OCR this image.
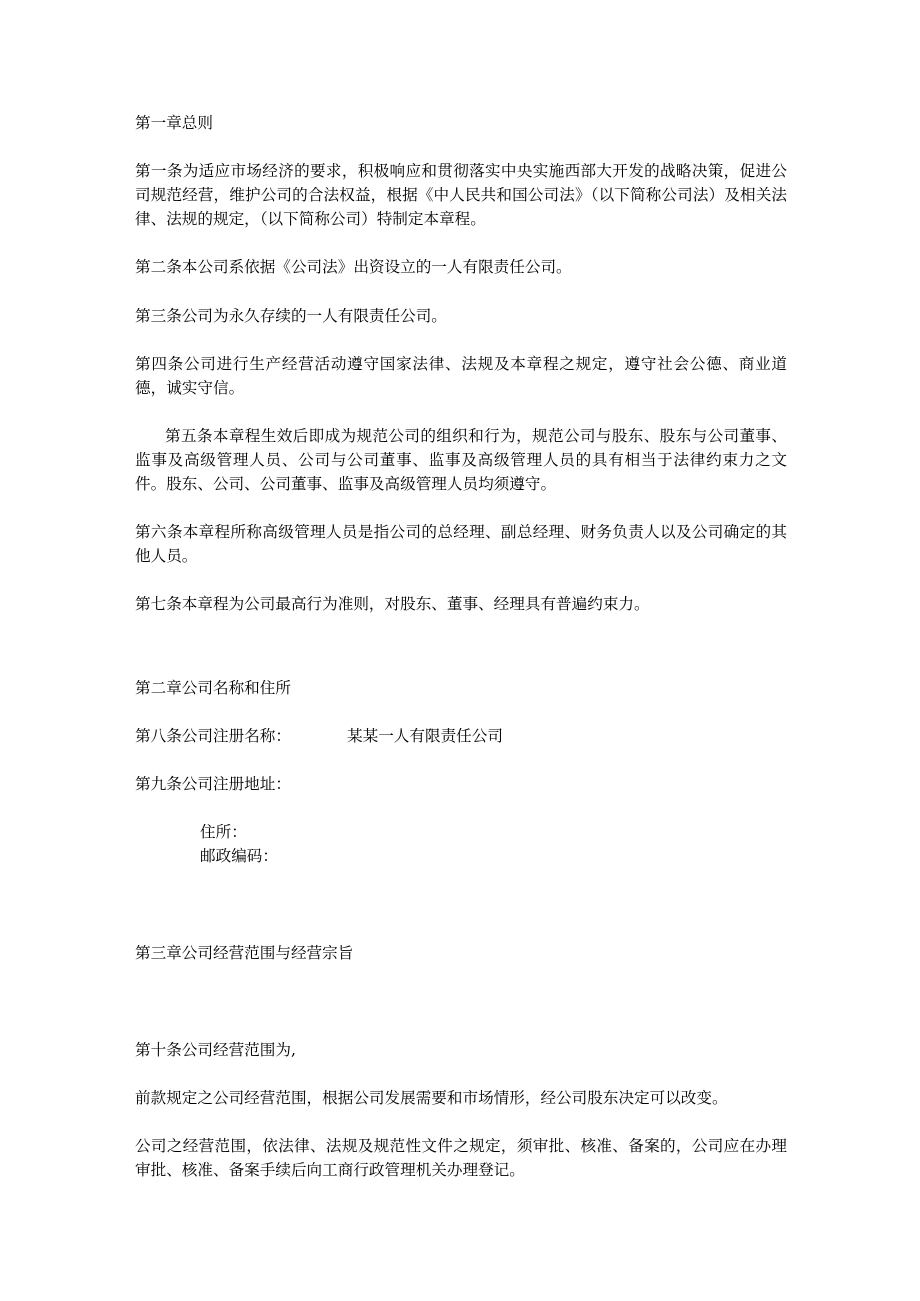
第一章总则

第一条为适应市场经济的要求，积极响应和贯彻落实中央实施西部大开发的战略决策，促进公司规范经营，维护公司的合法权益，根据《中人民共和国公司法》（以下简称公司法）及相关法律、法规的规定，（以下简称公司）特制定本章程。

第二条本公司系依据《公司法》出资设立的一人有限责任公司。

第三条公司为永久存续的一人有限责任公司。

第四条公司进行生产经营活动遵守国家法律、法规及本章程之规定，遵守社会公德、商业道德，诚实守信。

第五条本章程生效后即成为规范公司的组织和行为，规范公司与股东、股东与公司董事、监事及高级管理人员、公司与公司董事、监事及高级管理人员的具有相当于法律约束力之文件。股东、公司、公司董事、监事及高级管理人员均须遵守。

第六条本章程所称高级管理人员是指公司的总经理、副总经理、财务负责人以及公司确定的其他人员。

第七条本章程为公司最高行为准则，对股东、董事、经理具有普遍约束力。

第二章公司名称和住所

第八条公司注册名称：	某某一人有限责任公司

第九条公司注册地址：

住所：

邮政编码：

第三章公司经营范围与经营宗旨

第十条公司经营范围为,

前款规定之公司经营范围，根据公司发展需要和市场情形，经公司股东决定可以改变。

公司之经营范围，依法律、法规及规范性文件之规定，须审批、核准、备案的，公司应在办理审批、核准、备案手续后向工商行政管理机关办理登记。
